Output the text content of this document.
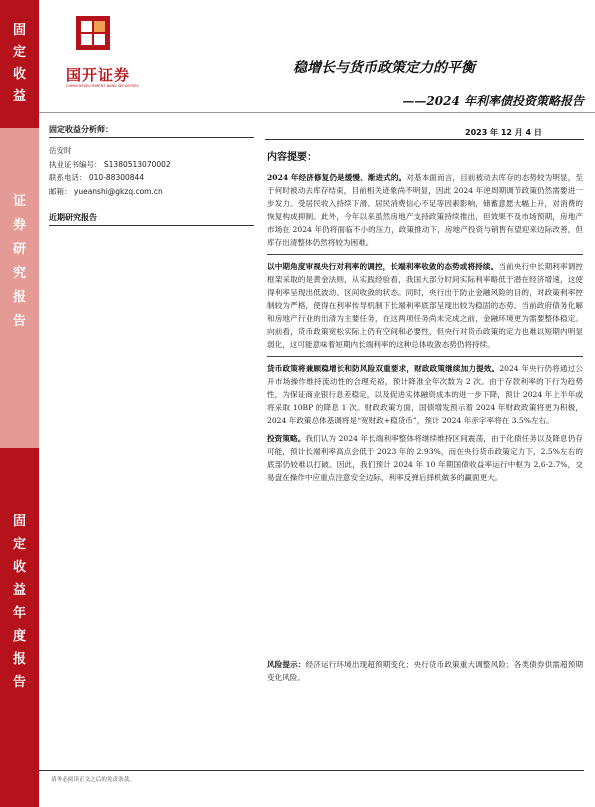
固
定
收
益
证
券
研
究
报
告
固
定
收
益
年
度
报
告
国开证券
CHINA DEVELOPMENT BANK SECURITIES
稳增长与货币政策定力的平衡
——2024 年利率债投资策略报告
固定收益分析师：
岳安时
执业证书编号： S1380513070002
联系电话： 010-88300844
邮箱： yueanshi@gkzq.com.cn
近期研究报告
2023 年 12 月 4 日
内容提要：
2024 年经济修复仍是缓慢、渐进式的。对基本面而言，目前被动去库存的态势较为明显，至于何时被动去库存结束，目前相关迹象尚不明显，因此 2024 年逆周期调节政策仍然需要进一步发力。受居民收入持续下滑、居民消费信心不足等因素影响，储蓄意愿大幅上升，对消费的恢复构成抑制。此外，今年以来虽然房地产支持政策持续推出，但效果不及市场预期，房地产市场在 2024 年仍将面临不小的压力，政策推动下，房地产投资与销售有望迎来边际改善，但库存出清整体仍然将较为困难。
以中期角度审视央行对利率的调控，长端利率收敛的态势或将持续。当前央行中长期利率调控框架采取的是黄金法则，从实践经验看，我国大部分时间实际利率略低于潜在经济增速，这使得利率呈现出低波动、区间收敛的状态。同时，央行出于防止金融风险的目的，对政策利率控制较为严格，使得在利率传导机制下长端利率底部呈现出较为稳固的态势。当前政府债务化解和房地产行业的出清为主要任务，在这两项任务尚未完成之前，金融环境更为需要整体稳定。向前看，货币政策宽松实际上仍有空间和必要性，但央行对货币政策的定力也难以短期内明显弱化，这可能意味着短期内长端利率的这种总体收敛态势仍将持续。
货币政策将兼顾稳增长和防风险双重要求，财政政策继续加力提效。2024 年央行仍将通过公开市场操作维持流动性的合理充裕，预计降准全年次数为 2 次。由于存款利率的下行为趋势性，为保证商业银行息差稳定，以及促进实体融资成本的进一步下降，预计 2024 年上半年或将采取 10BP 的降息 1 次。财政政策方面，国债增发预示着 2024 年财政政策将更为积极，2024 年政策总体基调将是“宽财政+稳货币”，预计 2024 年赤字率将在 3.5%左右。
投资策略。我们认为 2024 年长端利率整体将继续维持区间震荡，由于化债任务以及降息仍存可能，预计长端利率高点会低于 2023 年的 2.93%，而在央行货币政策定力下，2.5%左右的底部仍较难以打破。因此，我们预计 2024 年 10 年期国债收益率运行中枢为 2.6-2.7%，交易盘在操作中应重点注意安全边际，利率反弹后择机做多的赢面更大。
风险提示：经济运行环境出现超预期变化；央行货币政策重大调整风险；各类债券供需超预期变化风险。
请务必阅读正文之后的免责条款。
